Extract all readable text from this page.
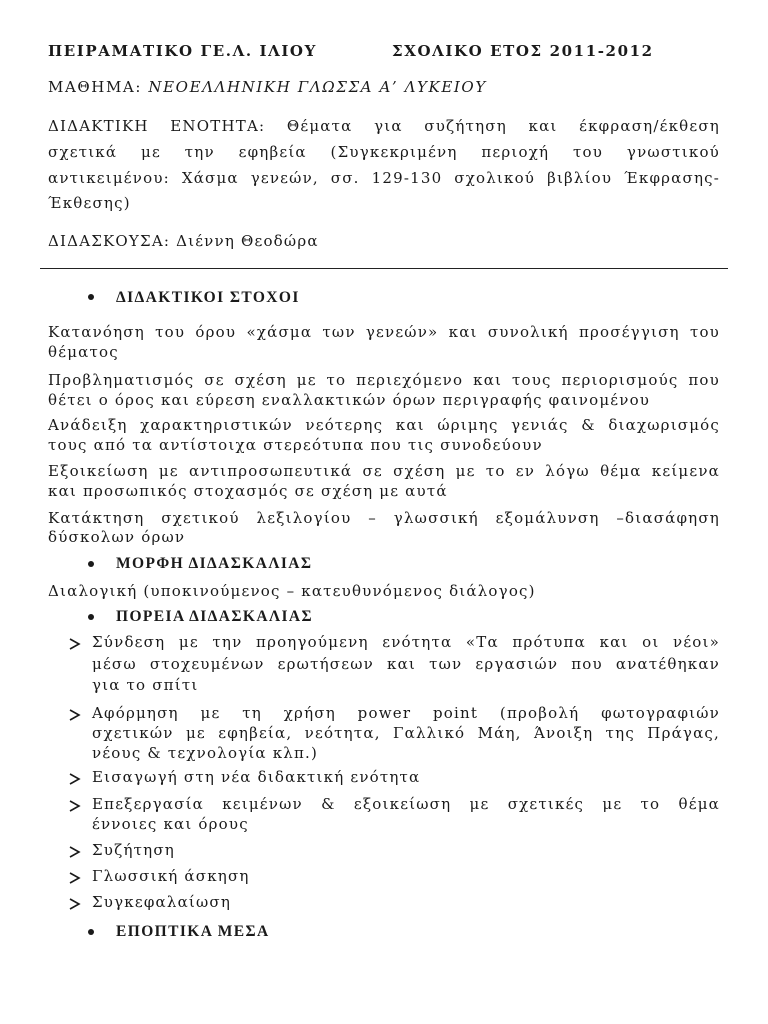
ΠΕΙΡΑΜΑΤΙΚΟ ΓΕ.Λ. ΙΛΙΟΥ	ΣΧΟΛΙΚΟ ΕΤΟΣ 2011-2012
ΜΑΘΗΜΑ: ΝΕΟΕΛΛΗΝΙΚΗ ΓΛΩΣΣΑ Α’ ΛΥΚΕΙΟΥ
ΔΙΔΑΚΤΙΚΗ ΕΝΟΤΗΤΑ: Θέματα για συζήτηση και έκφραση/έκθεση
σχετικά με την εφηβεία (Συγκεκριμένη περιοχή του γνωστικού
αντικειμένου: Χάσμα γενεών, σσ. 129-130 σχολικού βιβλίου Έκφρασης-
Έκθεσης)
ΔΙΔΑΣΚΟΥΣΑ: Διέννη Θεοδώρα
ΔΙΔΑΚΤΙΚΟΙ ΣΤΟΧΟΙ
Κατανόηση του όρου «χάσμα των γενεών» και συνολική προσέγγιση του
θέματος
Προβληματισμός σε σχέση με το περιεχόμενο και τους περιορισμούς που
θέτει ο όρος και εύρεση εναλλακτικών όρων περιγραφής φαινομένου
Ανάδειξη χαρακτηριστικών νεότερης και ώριμης γενιάς & διαχωρισμός
τους από τα αντίστοιχα στερεότυπα που τις συνοδεύουν
Εξοικείωση με αντιπροσωπευτικά σε σχέση με το εν λόγω θέμα κείμενα
και προσωπικός στοχασμός σε σχέση με αυτά
Κατάκτηση σχετικού λεξιλογίου – γλωσσική εξομάλυνση –διασάφηση
δύσκολων όρων
ΜΟΡΦΗ ΔΙΔΑΣΚΑΛΙΑΣ
Διαλογική (υποκινούμενος – κατευθυνόμενος διάλογος)
ΠΟΡΕΙΑ ΔΙΔΑΣΚΑΛΙΑΣ
Σύνδεση με την προηγούμενη ενότητα «Τα πρότυπα και οι νέοι»
μέσω στοχευμένων ερωτήσεων και των εργασιών που ανατέθηκαν
για το σπίτι
Αφόρμηση με τη χρήση power point (προβολή φωτογραφιών
σχετικών με εφηβεία, νεότητα, Γαλλικό Μάη, Άνοιξη της Πράγας,
νέους & τεχνολογία κλπ.)
Εισαγωγή στη νέα διδακτική ενότητα
Επεξεργασία κειμένων & εξοικείωση με σχετικές με το θέμα
έννοιες και όρους
Συζήτηση
Γλωσσική άσκηση
Συγκεφαλαίωση
ΕΠΟΠΤΙΚΑ ΜΕΣΑ
